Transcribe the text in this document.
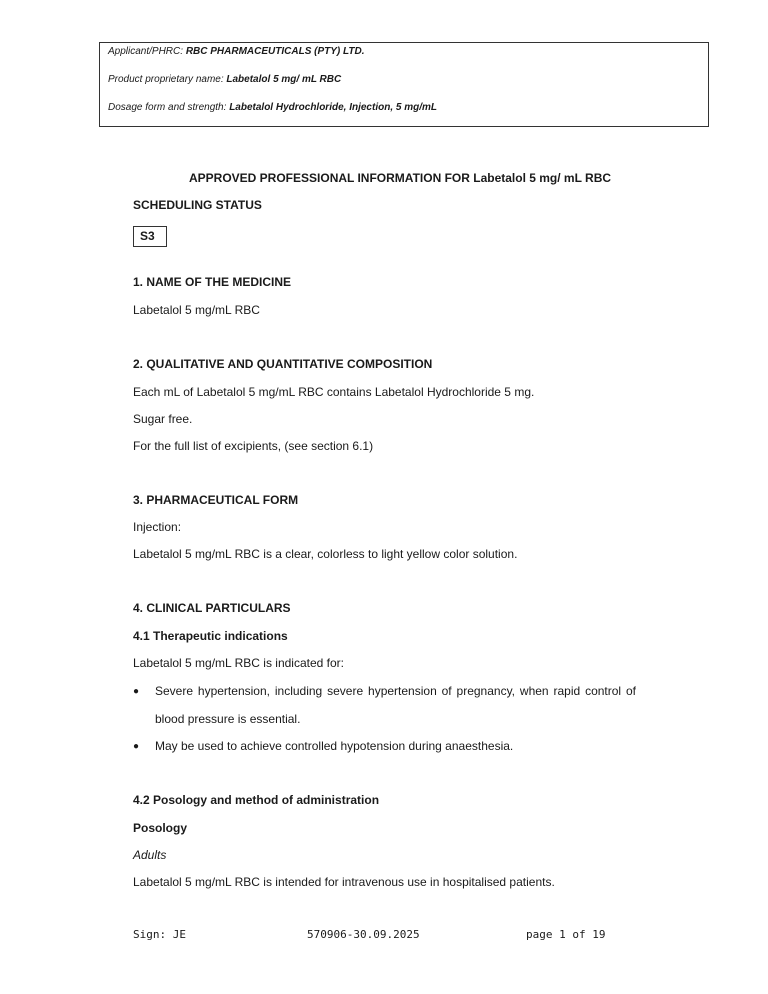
Applicant/PHRC: RBC PHARMACEUTICALS (PTY) LTD.
Product proprietary name: Labetalol 5 mg/ mL RBC
Dosage form and strength: Labetalol Hydrochloride, Injection, 5 mg/mL
APPROVED PROFESSIONAL INFORMATION FOR Labetalol 5 mg/ mL RBC
SCHEDULING STATUS
S3
1. NAME OF THE MEDICINE
Labetalol 5 mg/mL RBC
2. QUALITATIVE AND QUANTITATIVE COMPOSITION
Each mL of Labetalol 5 mg/mL RBC contains Labetalol Hydrochloride 5 mg.
Sugar free.
For the full list of excipients, (see section 6.1)
3. PHARMACEUTICAL FORM
Injection:
Labetalol 5 mg/mL RBC is a clear, colorless to light yellow color solution.
4. CLINICAL PARTICULARS
4.1 Therapeutic indications
Labetalol 5 mg/mL RBC is indicated for:
● Severe hypertension, including severe hypertension of pregnancy, when rapid control of
blood pressure is essential.
● May be used to achieve controlled hypotension during anaesthesia.
4.2 Posology and method of administration
Posology
Adults
Labetalol 5 mg/mL RBC is intended for intravenous use in hospitalised patients.
Sign: JE	570906-30.09.2025	page 1 of 19
